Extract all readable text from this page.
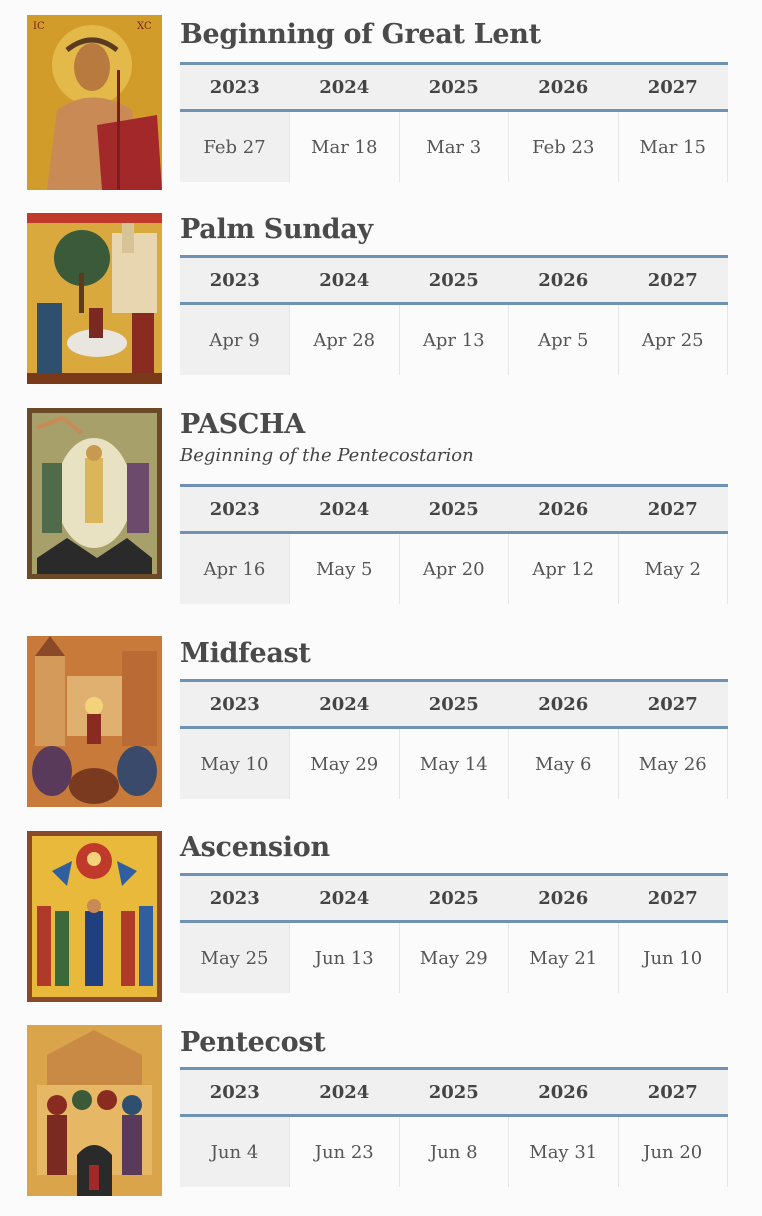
IC	XC Beginning of Great Lent
2023	2024	2025	2026	2027
Feb 27	Mar 18	Mar 3	Feb 23	Mar 15
Palm Sunday
2023	2024	2025	2026	2027
Apr 9	Apr 28	Apr 13	Apr 5	Apr 25
PASCHA
Beginning of the Pentecostarion
2023	2024	2025	2026	2027
Apr 16	May 5	Apr 20	Apr 12	May 2
Midfeast
2023	2024	2025	2026	2027
May 10	May 29	May 14	May 6	May 26
Ascension
2023	2024	2025	2026	2027
May 25	Jun 13	May 29	May 21	Jun 10
Pentecost
2023	2024	2025	2026	2027
Jun 4	Jun 23	Jun 8	May 31	Jun 20
